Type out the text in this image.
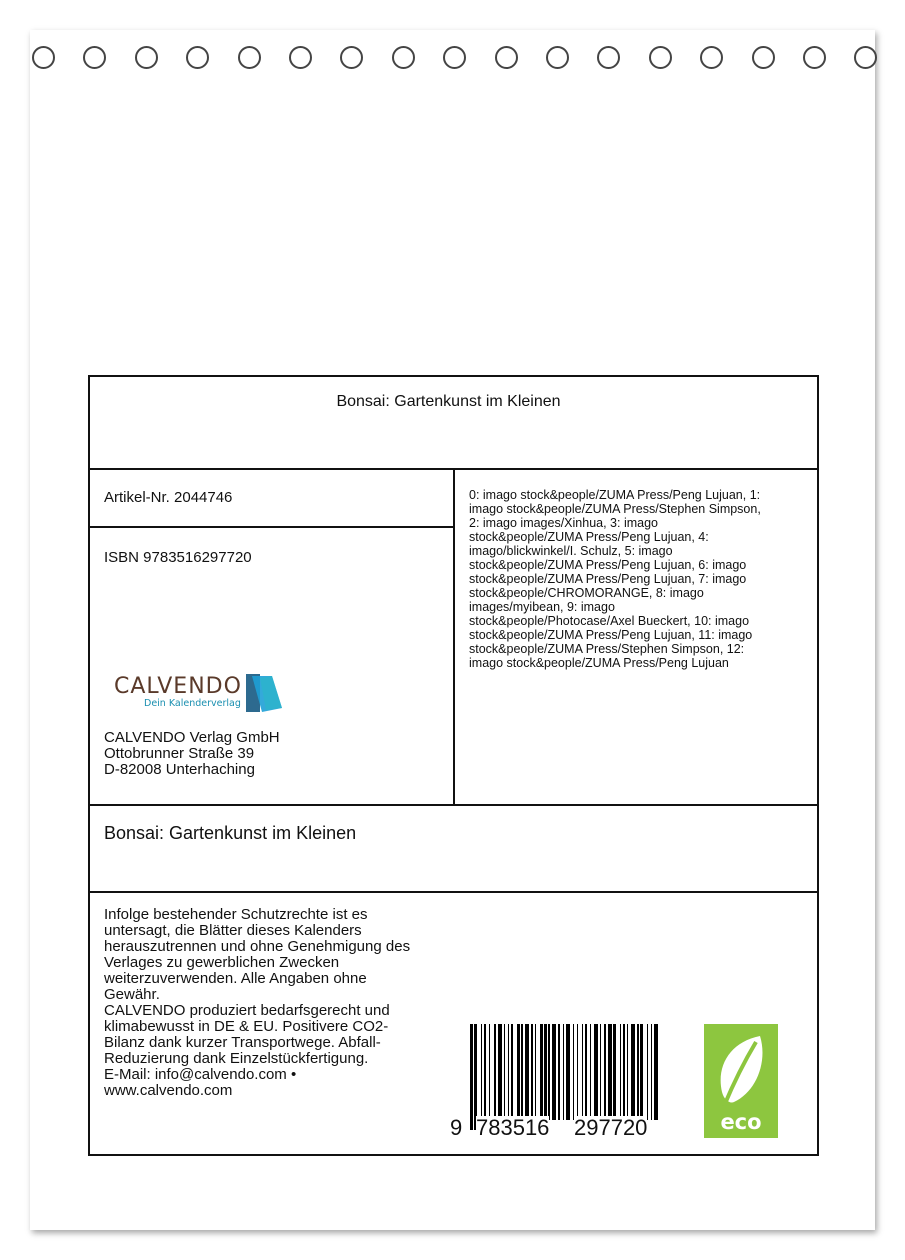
Bonsai: Gartenkunst im Kleinen
Artikel-Nr. 2044746
ISBN 9783516297720
0: imago stock&people/ZUMA Press/Peng Lujuan, 1:
imago stock&people/ZUMA Press/Stephen Simpson,
2: imago images/Xinhua, 3: imago
stock&people/ZUMA Press/Peng Lujuan, 4:
imago/blickwinkel/I. Schulz, 5: imago
stock&people/ZUMA Press/Peng Lujuan, 6: imago
stock&people/ZUMA Press/Peng Lujuan, 7: imago
stock&people/CHROMORANGE, 8: imago
images/myibean, 9: imago
stock&people/Photocase/Axel Bueckert, 10: imago
stock&people/ZUMA Press/Peng Lujuan, 11: imago
stock&people/ZUMA Press/Stephen Simpson, 12:
imago stock&people/ZUMA Press/Peng Lujuan
CALVENDO
Dein Kalenderverlag
CALVENDO Verlag GmbH
Ottobrunner Straße 39
D-82008 Unterhaching
Bonsai: Gartenkunst im Kleinen
Infolge bestehender Schutzrechte ist es
untersagt, die Blätter dieses Kalenders
herauszutrennen und ohne Genehmigung des
Verlages zu gewerblichen Zwecken
weiterzuverwenden. Alle Angaben ohne
Gewähr.
CALVENDO produziert bedarfsgerecht und
klimabewusst in DE & EU. Positivere CO2-
Bilanz dank kurzer Transportwege. Abfall-
Reduzierung dank Einzelstückfertigung.
E-Mail: info@calvendo.com •
www.calvendo.com
9 783516 297720	eco
